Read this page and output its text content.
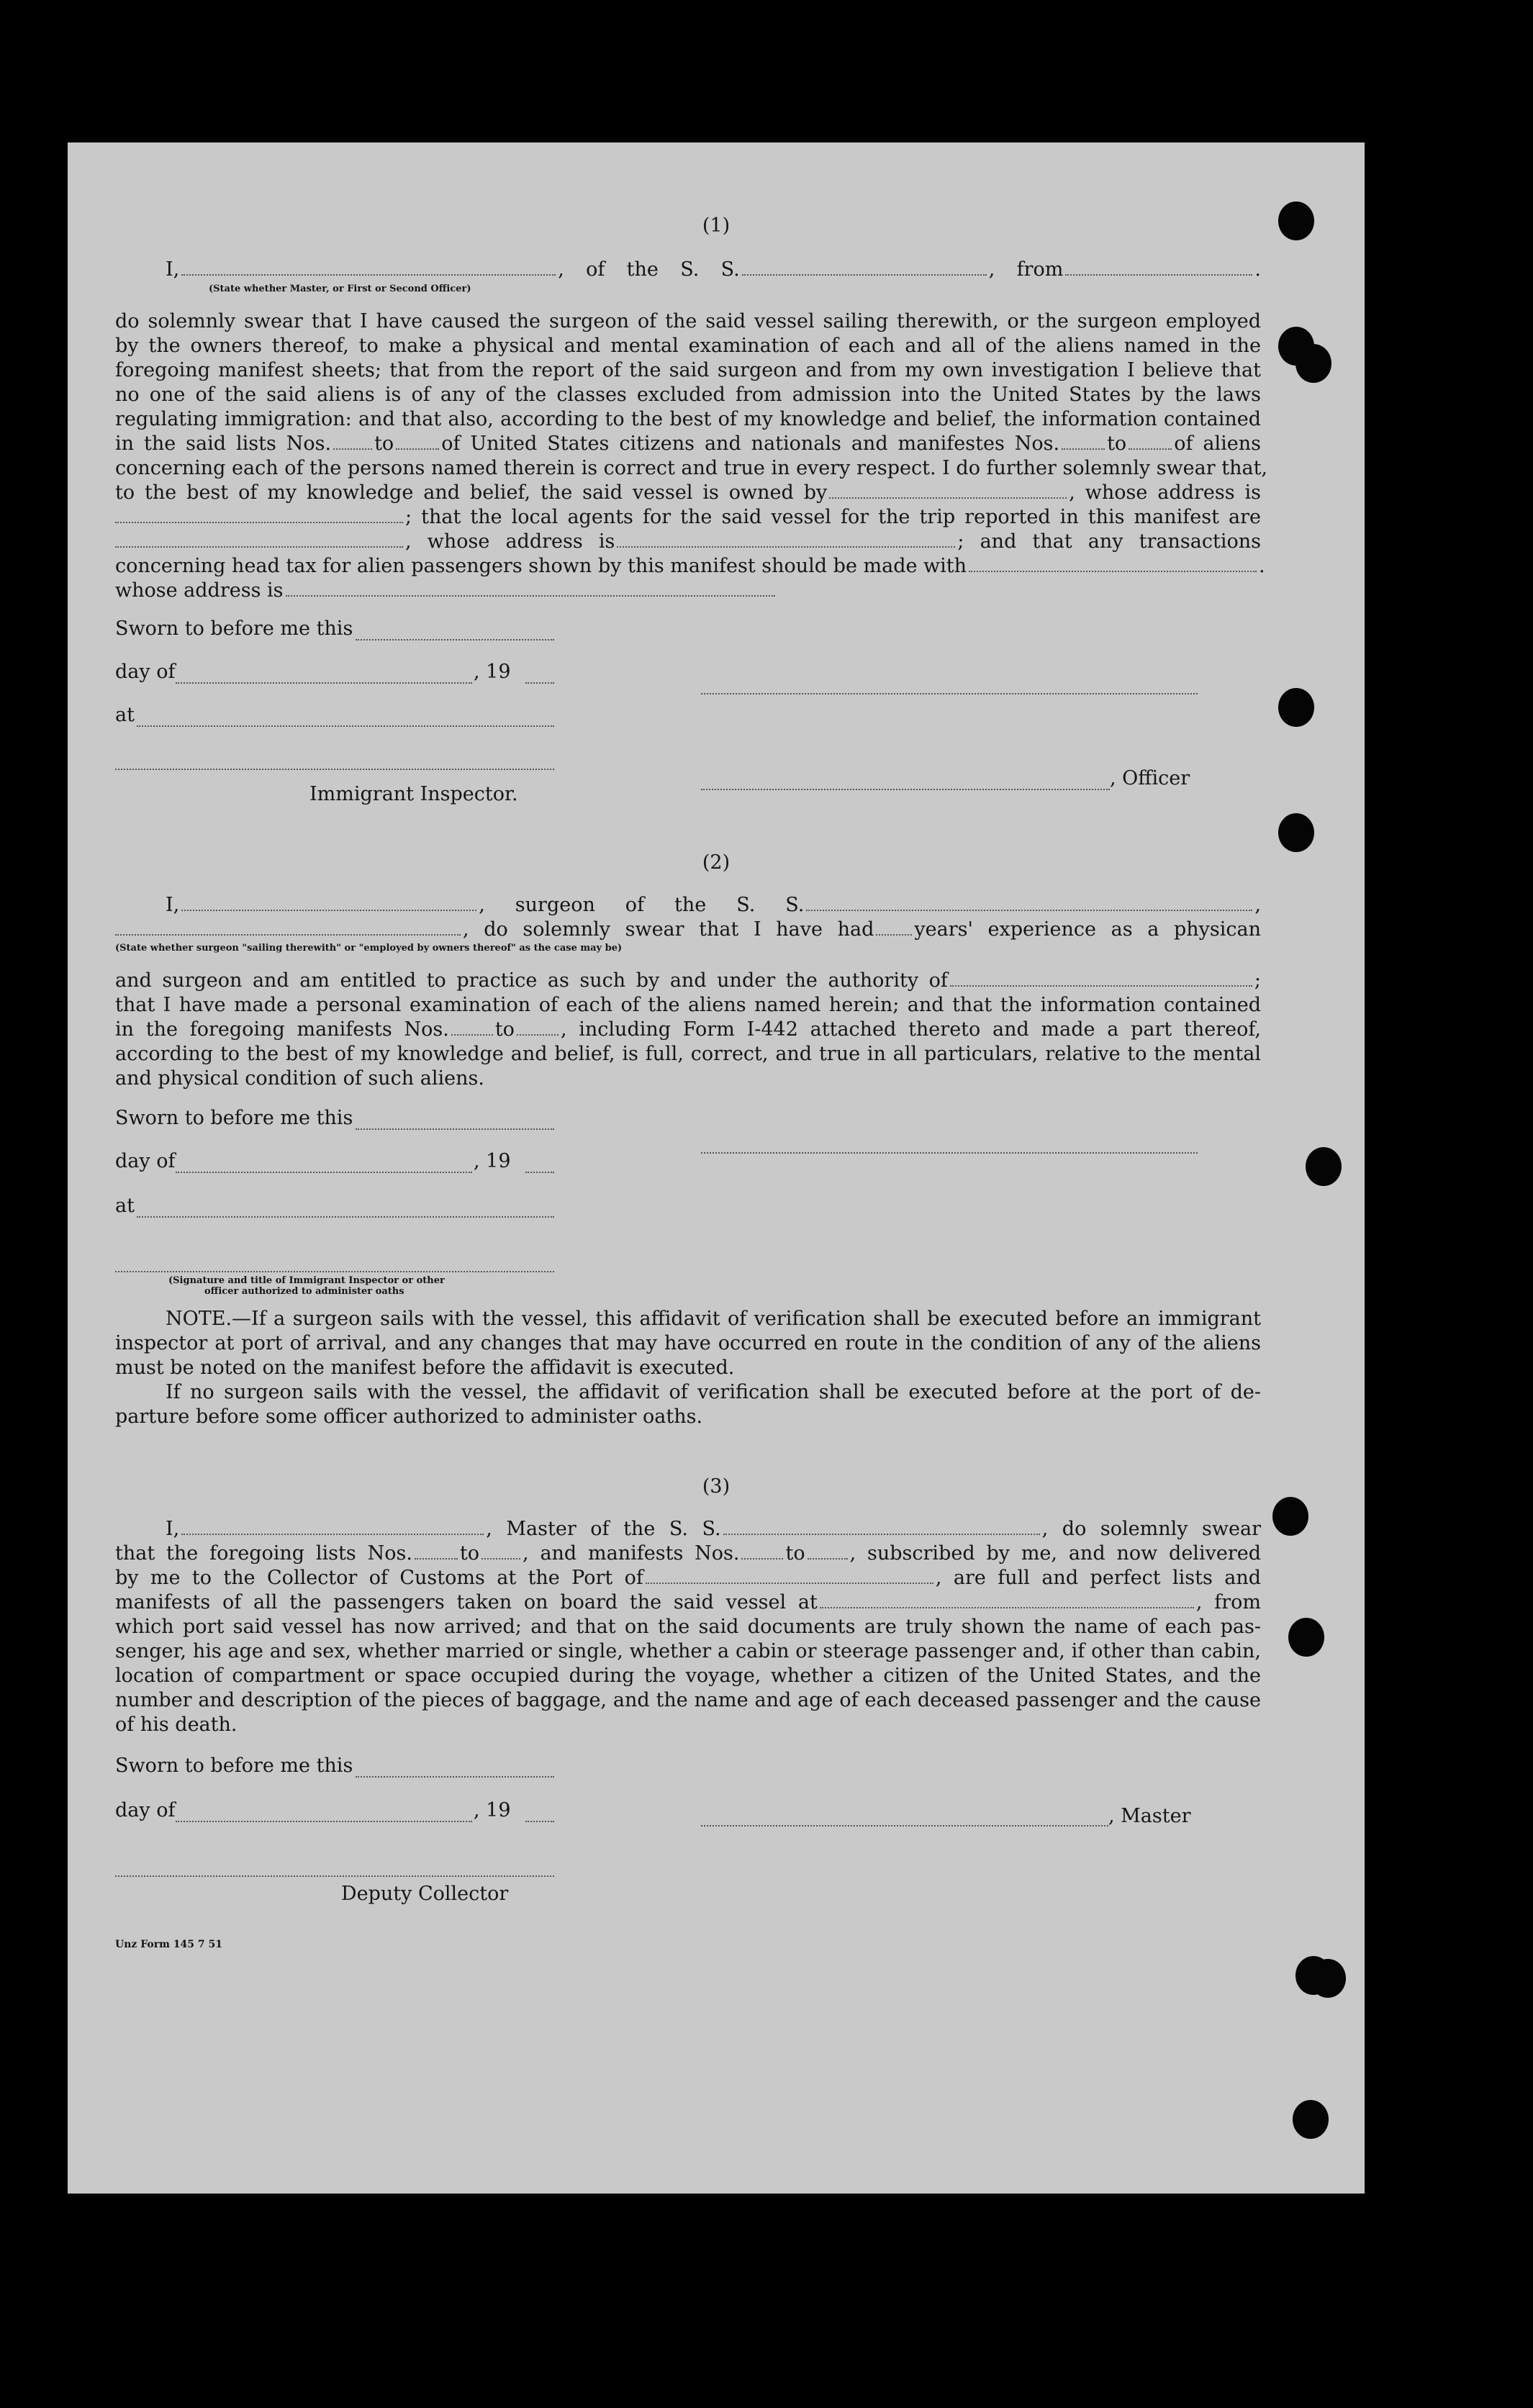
(1)
I,	, of the S. S.	, from	.
(State whether Master, or First or Second Officer)
do solemnly swear that I have caused the surgeon of the said vessel sailing therewith, or the surgeon employed
by the owners thereof, to make a physical and mental examination of each and all of the aliens named in the
foregoing manifest sheets; that from the report of the said surgeon and from my own investigation I believe that
no one of the said aliens is of any of the classes excluded from admission into the United States by the laws
regulating immigration: and that also, according to the best of my knowledge and belief, the information contained
in the said lists Nos. to of United States citizens and nationals and manifestes Nos. to of aliens
concerning each of the persons named therein is correct and true in every respect. I do further solemnly swear that,
to the best of my knowledge and belief, the said vessel is owned by	, whose address is
; that the local agents for the said vessel for the trip reported in this manifest are
, whose address is	; and that any transactions
concerning head tax for alien passengers shown by this manifest should be made with	.
whose address is
Sworn to before me this
day of	, 19
at
, Officer
Immigrant Inspector.
(2)
I,	, surgeon of the S. S.	,
, do solemnly swear that I have had years' experience as a physican
(State whether surgeon "sailing therewith" or "employed by owners thereof" as the case may be)
and surgeon and am entitled to practice as such by and under the authority of	;
that I have made a personal examination of each of the aliens named herein; and that the information contained
in the foregoing manifests Nos. to , including Form I-442 attached thereto and made a part thereof,
according to the best of my knowledge and belief, is full, correct, and true in all particulars, relative to the mental
and physical condition of such aliens.
Sworn to before me this
day of	, 19
at
(Signature and title of Immigrant Inspector or other
officer authorized to administer oaths
NOTE.—If a surgeon sails with the vessel, this affidavit of verification shall be executed before an immigrant
inspector at port of arrival, and any changes that may have occurred en route in the condition of any of the aliens
must be noted on the manifest before the affidavit is executed.
If no surgeon sails with the vessel, the affidavit of verification shall be executed before at the port of de-
parture before some officer authorized to administer oaths.
(3)
I,	, Master of the S. S.	, do solemnly swear
that the foregoing lists Nos. to , and manifests Nos. to , subscribed by me, and now delivered
by me to the Collector of Customs at the Port of	, are full and perfect lists and
manifests of all the passengers taken on board the said vessel at	, from
which port said vessel has now arrived; and that on the said documents are truly shown the name of each pas-
senger, his age and sex, whether married or single, whether a cabin or steerage passenger and, if other than cabin,
location of compartment or space occupied during the voyage, whether a citizen of the United States, and the
number and description of the pieces of baggage, and the name and age of each deceased passenger and the cause
of his death.
Sworn to before me this
day of	, 19	, Master
Deputy Collector
Unz Form 145 7 51
